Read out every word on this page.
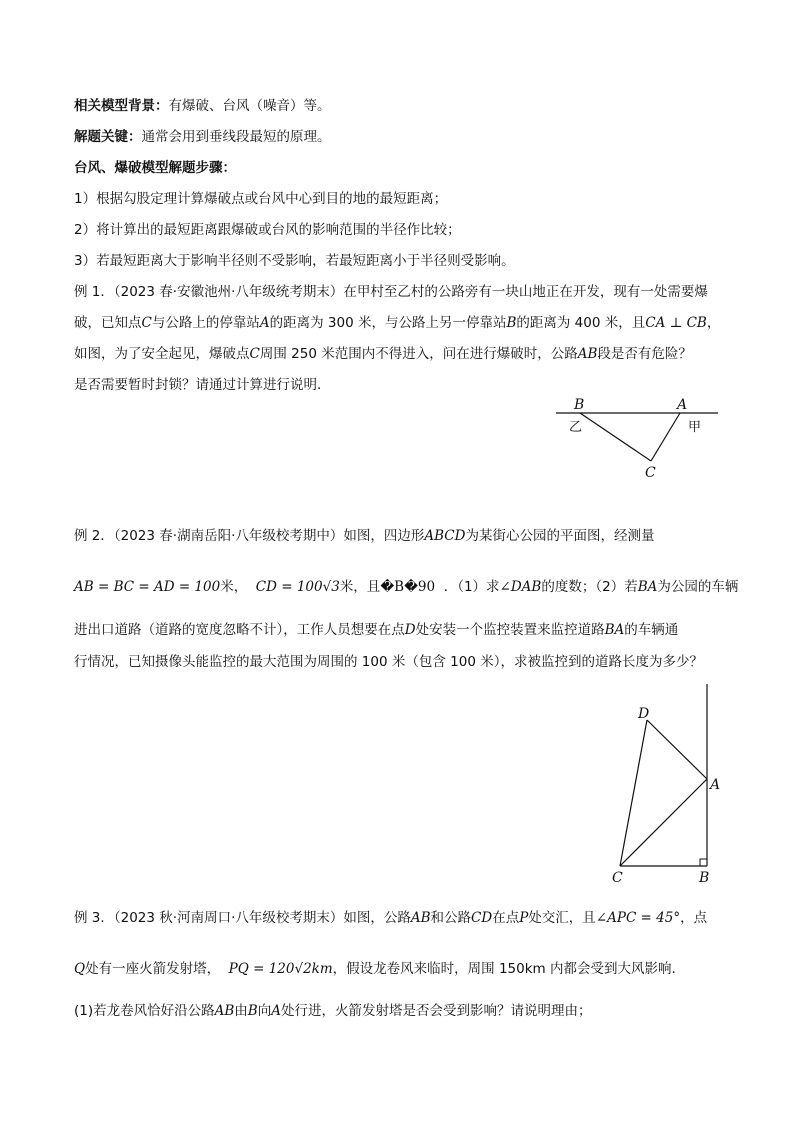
相关模型背景：有爆破、台风（噪音）等。
解题关键：通常会用到垂线段最短的原理。
台风、爆破模型解题步骤：
1）根据勾股定理计算爆破点或台风中心到目的地的最短距离；
2）将计算出的最短距离跟爆破或台风的影响范围的半径作比较；
3）若最短距离大于影响半径则不受影响，若最短距离小于半径则受影响。
例 1．（2023 春·安徽池州·八年级统考期末）在甲村至乙村的公路旁有一块山地正在开发，现有一处需要爆
破，已知点C与公路上的停靠站A的距离为 300 米，与公路上另一停靠站B的距离为 400 米，且CA ⊥ CB，
如图，为了安全起见，爆破点C周围 250 米范围内不得进入，问在进行爆破时，公路AB段是否有危险？
是否需要暂时封锁？请通过计算进行说明.
B	A
C
乙	甲
例 2．（2023 春·湖南岳阳·八年级校考期中）如图，四边形ABCD为某街心公园的平面图，经测量
AB = BC = AD = 100米， CD = 100√3米，且�B�90 ．（1）求∠DAB的度数；（2）若BA为公园的车辆
进出口道路（道路的宽度忽略不计），工作人员想要在点D处安装一个监控装置来监控道路BA的车辆通
行情况，已知摄像头能监控的最大范围为周围的 100 米（包含 100 米），求被监控到的道路长度为多少？
D
A
C	B
例 3．（2023 秋·河南周口·八年级校考期末）如图，公路AB和公路CD在点P处交汇，且∠APC = 45°，点
Q处有一座火箭发射塔， PQ = 120√2km，假设龙卷风来临时，周围 150km 内都会受到大风影响.
(1)若龙卷风恰好沿公路AB由B向A处行进，火箭发射塔是否会受到影响？请说明理由；
